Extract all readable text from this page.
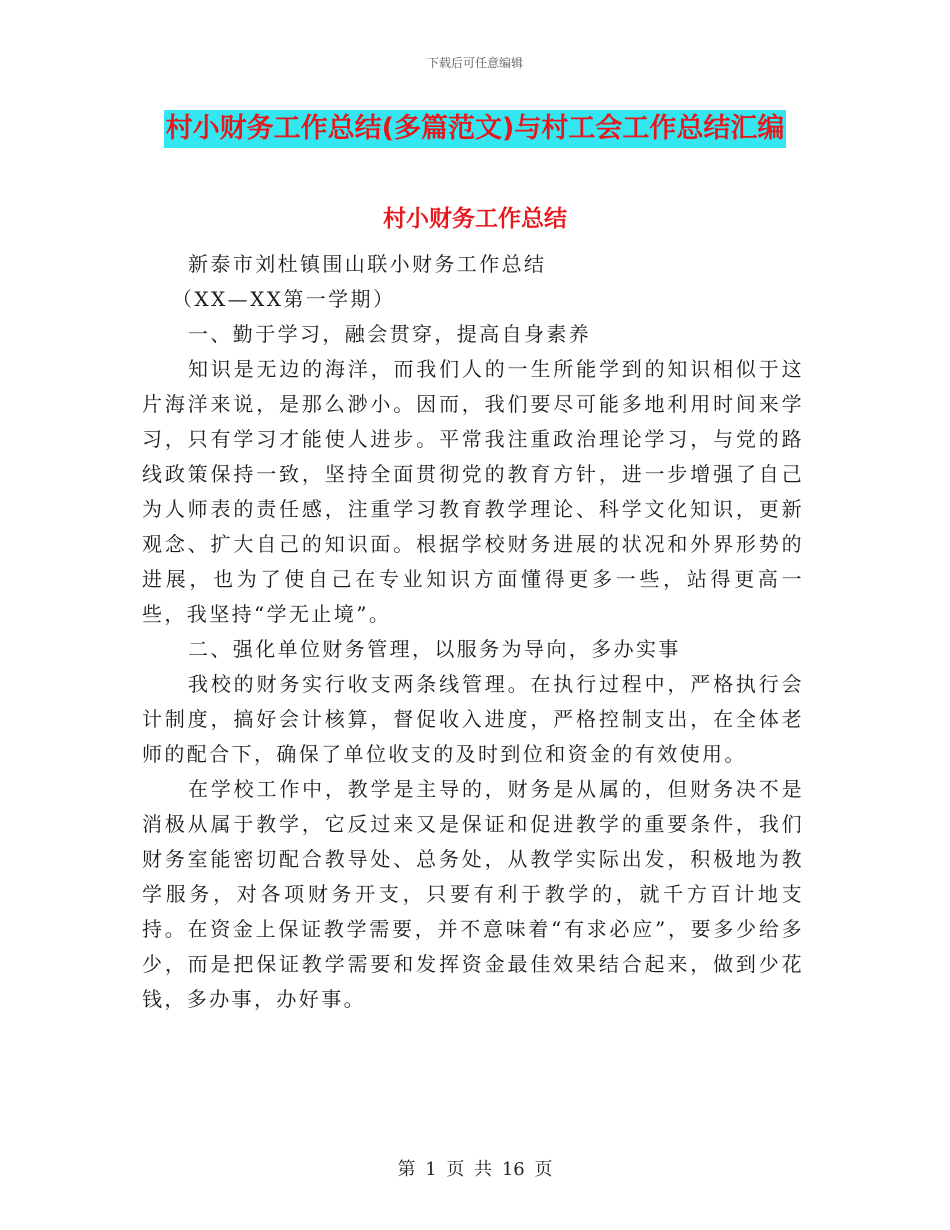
下载后可任意编辑
村小财务工作总结(多篇范文)与村工会工作总结汇编
村小财务工作总结

新泰市刘杜镇围山联小财务工作总结

（XX—XX第一学期）

一、勤于学习，融会贯穿，提高自身素养

知识是无边的海洋，而我们人的一生所能学到的知识相似于这片海洋来说，是那么渺小。因而，我们要尽可能多地利用时间来学习，只有学习才能使人进步。平常我注重政治理论学习，与党的路线政策保持一致，坚持全面贯彻党的教育方针，进一步增强了自己为人师表的责任感，注重学习教育教学理论、科学文化知识，更新观念、扩大自己的知识面。根据学校财务进展的状况和外界形势的进展，也为了使自己在专业知识方面懂得更多一些，站得更高一些，我坚持“学无止境”。

二、强化单位财务管理，以服务为导向，多办实事

我校的财务实行收支两条线管理。在执行过程中，严格执行会计制度，搞好会计核算，督促收入进度，严格控制支出，在全体老师的配合下，确保了单位收支的及时到位和资金的有效使用。

在学校工作中，教学是主导的，财务是从属的，但财务决不是消极从属于教学，它反过来又是保证和促进教学的重要条件，我们财务室能密切配合教导处、总务处，从教学实际出发，积极地为教学服务，对各项财务开支，只要有利于教学的，就千方百计地支持。在资金上保证教学需要，并不意味着“有求必应”，要多少给多少，而是把保证教学需要和发挥资金最佳效果结合起来，做到少花钱，多办事，办好事。

第 1 页 共 16 页
